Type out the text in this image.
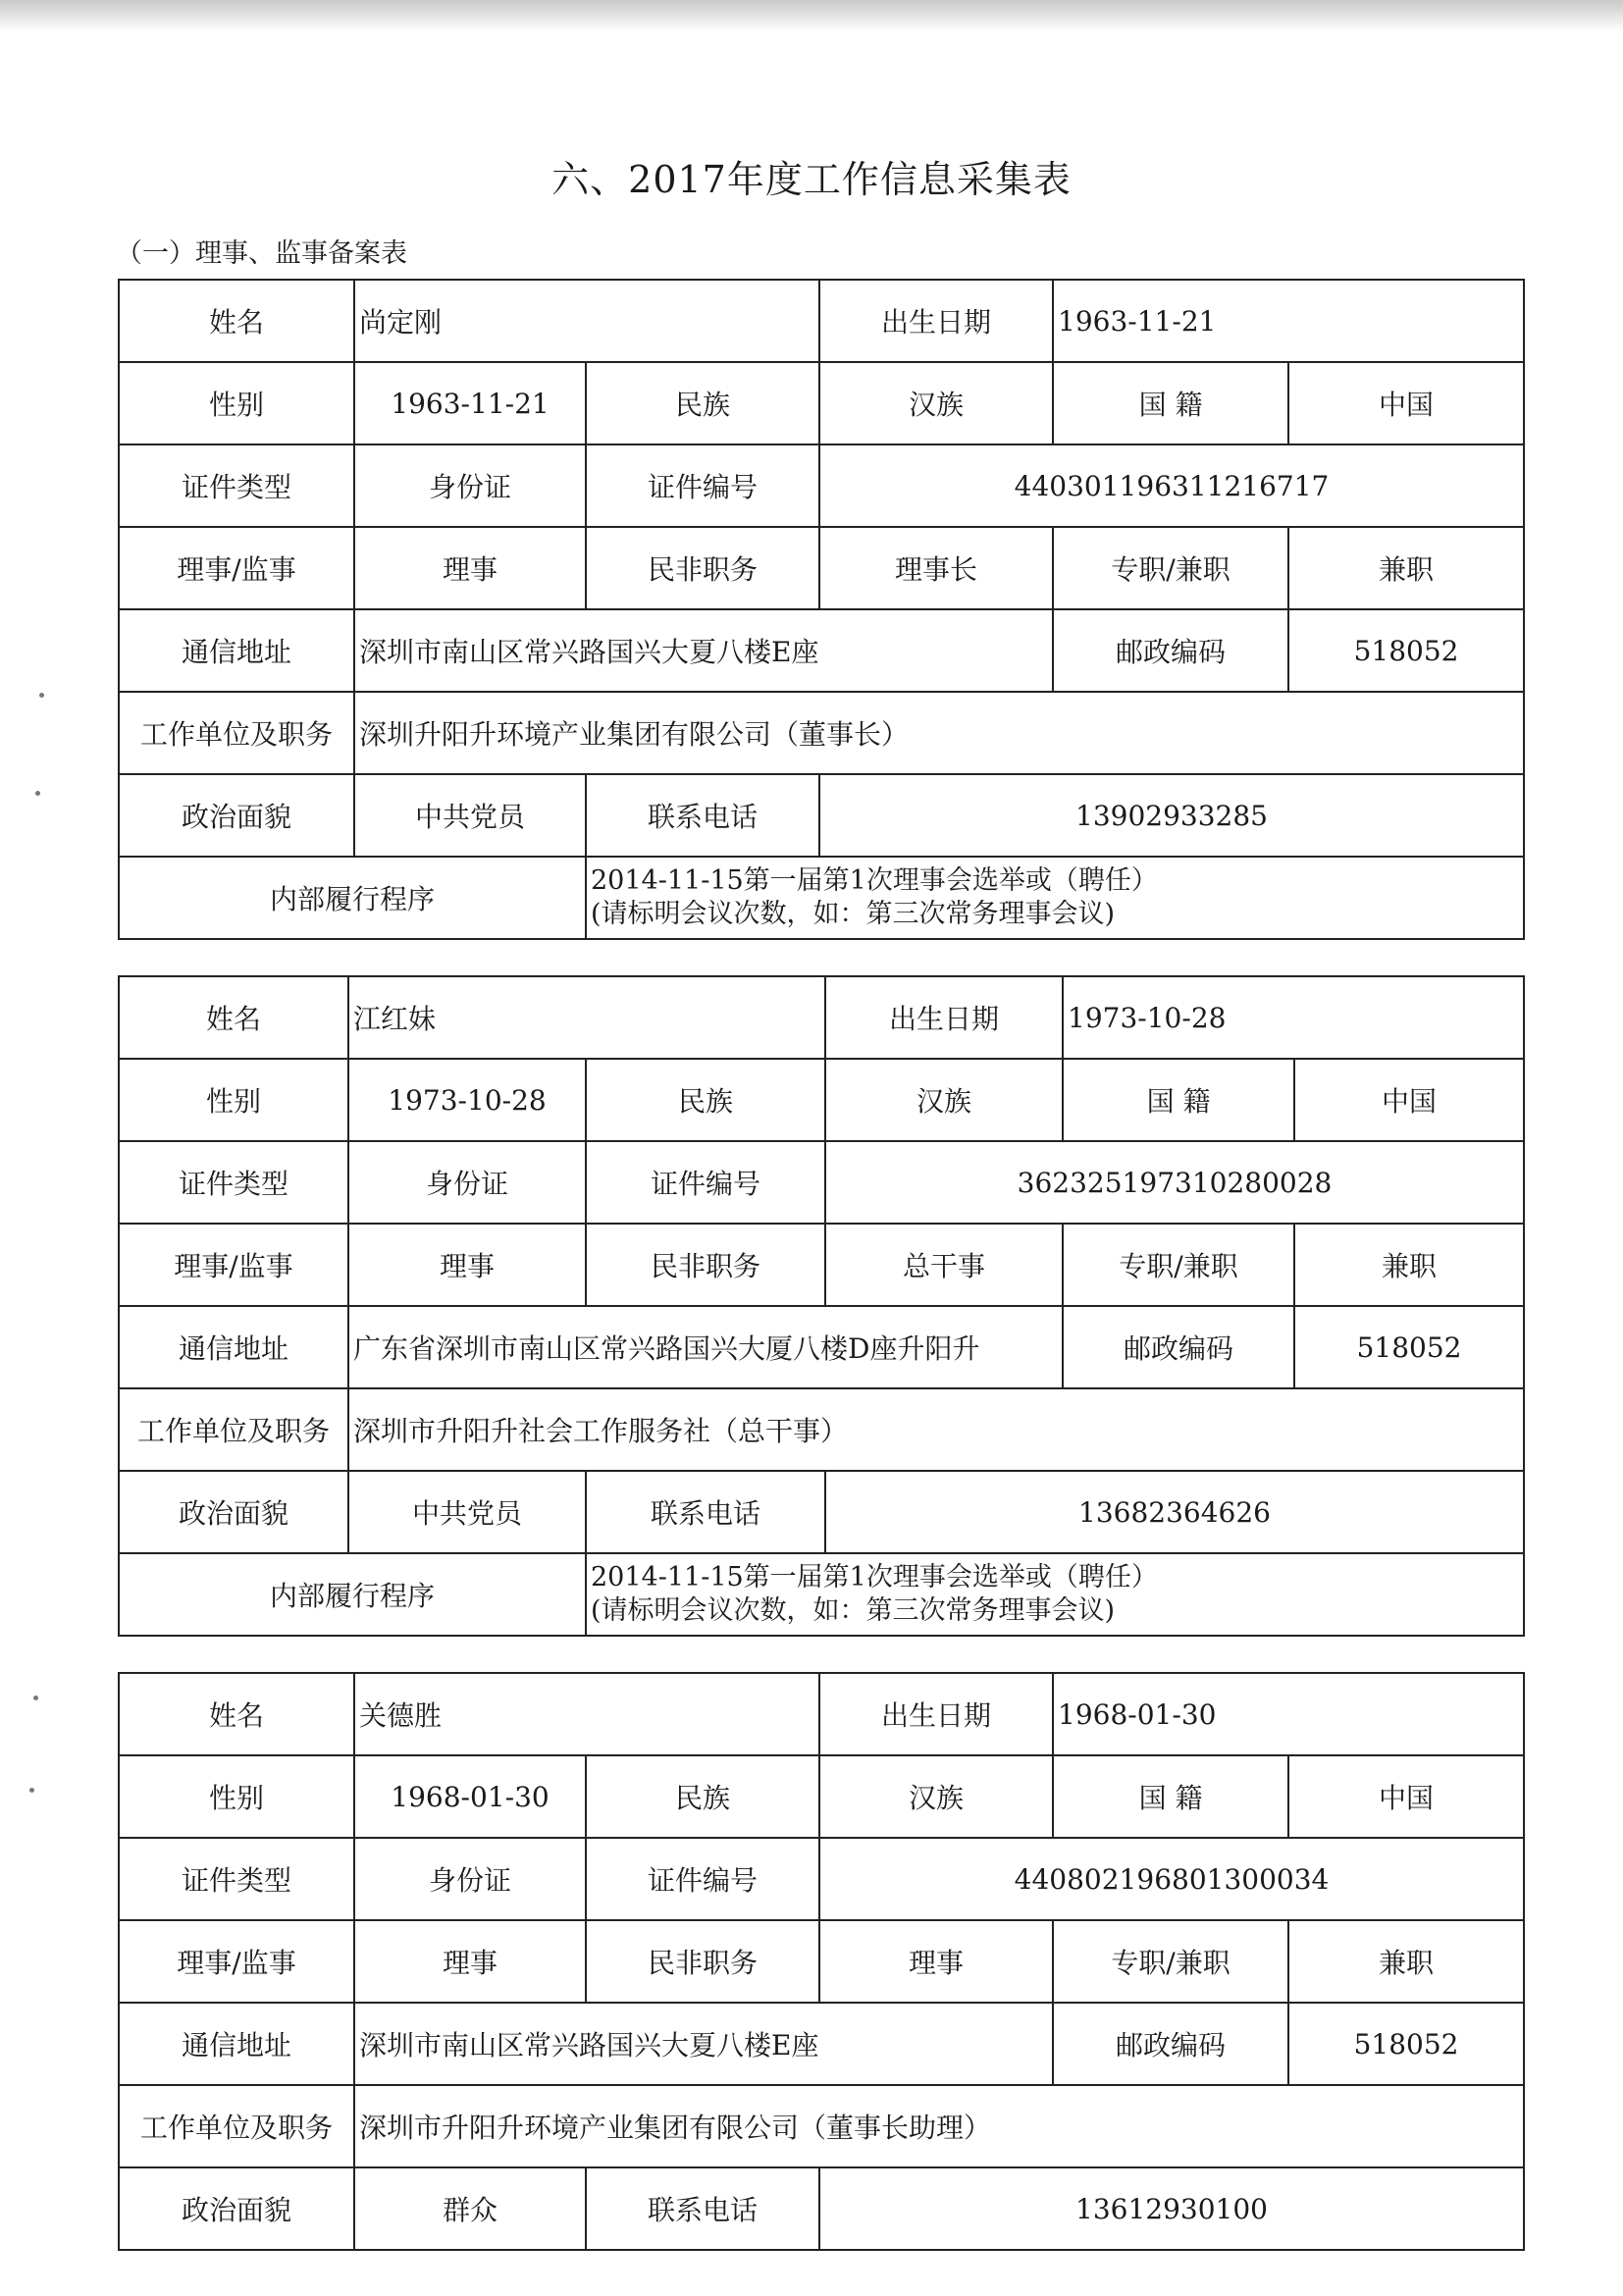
六、2017年度工作信息采集表
（一）理事、监事备案表
姓名	尚定刚		出生日期	1963-11-21	
性别	1963-11-21	民族	汉族	国 籍	中国
证件类型	身份证	证件编号	440301196311216717		
理事/监事	理事	民非职务	理事长	专职/兼职	兼职
通信地址	深圳市南山区常兴路国兴大夏八楼E座			邮政编码	518052
工作单位及职务	深圳升阳升环境产业集团有限公司（董事长）				
政治面貌	中共党员	联系电话	13902933285		
内部履行程序		2014-11-15第一届第1次理事会选举或（聘任）
(请标明会议次数，如：第三次常务理事会议)			
姓名	江红妹		出生日期	1973-10-28	
性别	1973-10-28	民族	汉族	国 籍	中国
证件类型	身份证	证件编号	362325197310280028		
理事/监事	理事	民非职务	总干事	专职/兼职	兼职
通信地址	广东省深圳市南山区常兴路国兴大厦八楼D座升阳升			邮政编码	518052
工作单位及职务	深圳市升阳升社会工作服务社（总干事）				
政治面貌	中共党员	联系电话	13682364626		
内部履行程序		2014-11-15第一届第1次理事会选举或（聘任）
(请标明会议次数，如：第三次常务理事会议)			
姓名	关德胜		出生日期	1968-01-30	
性别	1968-01-30	民族	汉族	国 籍	中国
证件类型	身份证	证件编号	440802196801300034		
理事/监事	理事	民非职务	理事	专职/兼职	兼职
通信地址	深圳市南山区常兴路国兴大夏八楼E座			邮政编码	518052
工作单位及职务	深圳市升阳升环境产业集团有限公司（董事长助理）				
政治面貌	群众	联系电话	13612930100		
